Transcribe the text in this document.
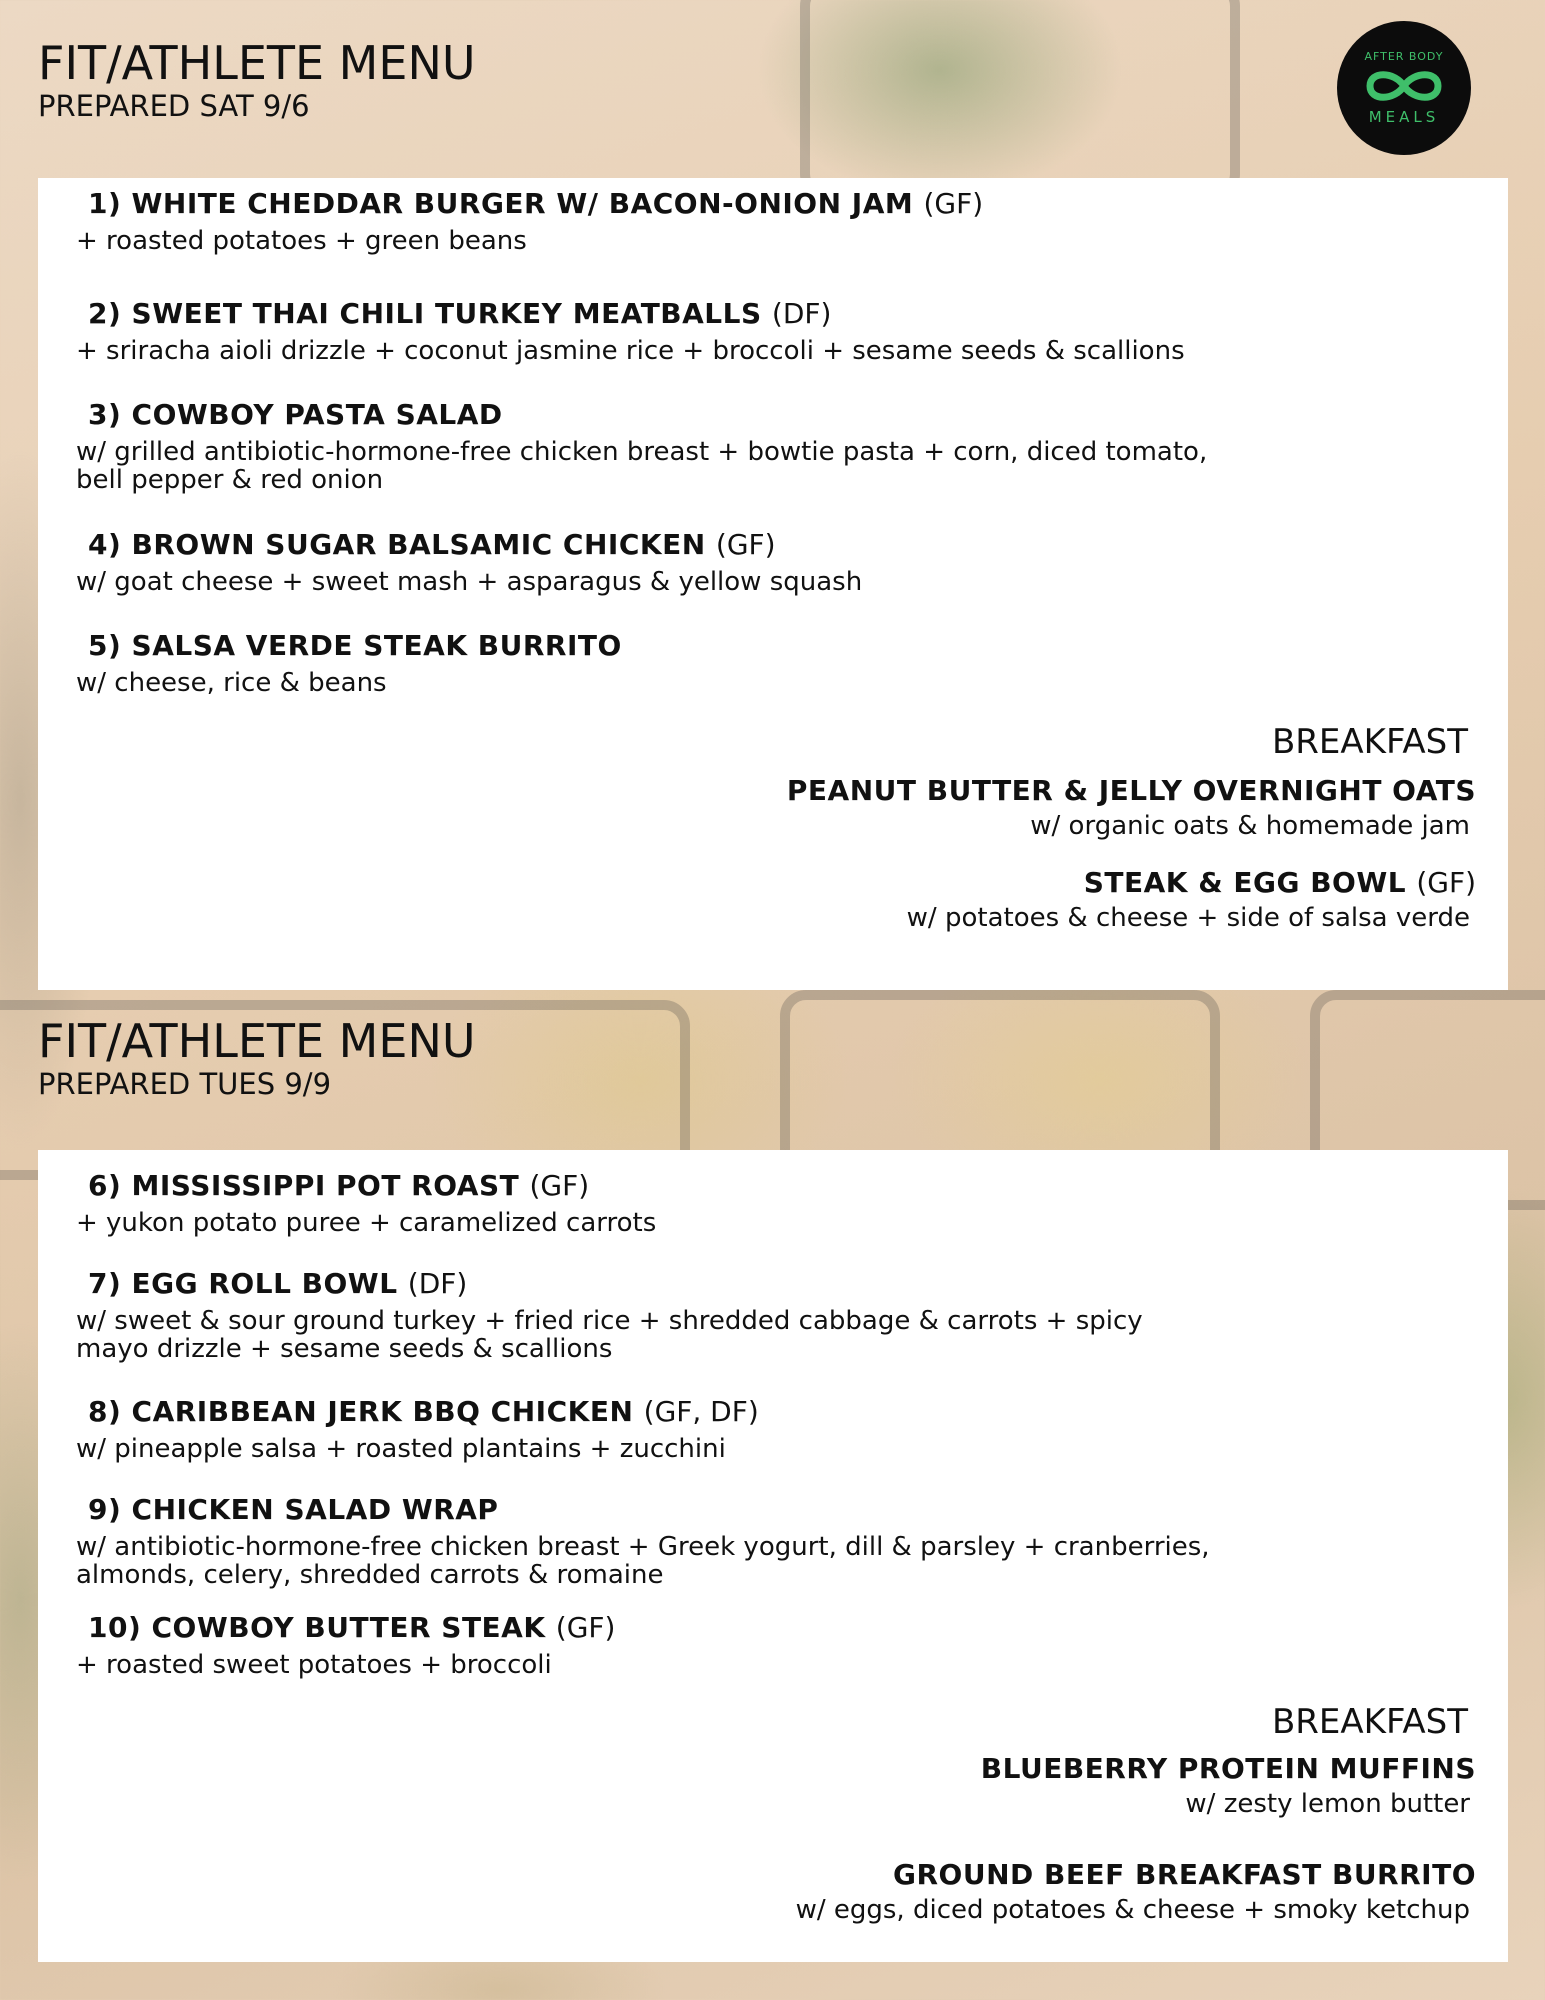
AFTER BODY
MEALS
FIT/ATHLETE MENU
PREPARED SAT 9/6
1) WHITE CHEDDAR BURGER W/ BACON-ONION JAM (GF)
+ roasted potatoes + green beans
2) SWEET THAI CHILI TURKEY MEATBALLS (DF)
+ sriracha aioli drizzle + coconut jasmine rice + broccoli + sesame seeds & scallions
3) COWBOY PASTA SALAD
w/ grilled antibiotic-hormone-free chicken breast + bowtie pasta + corn, diced tomato,
bell pepper & red onion
4) BROWN SUGAR BALSAMIC CHICKEN (GF)
w/ goat cheese + sweet mash + asparagus & yellow squash
5) SALSA VERDE STEAK BURRITO
w/ cheese, rice & beans
BREAKFAST
PEANUT BUTTER & JELLY OVERNIGHT OATS
w/ organic oats & homemade jam
STEAK & EGG BOWL (GF)
w/ potatoes & cheese + side of salsa verde
FIT/ATHLETE MENU
PREPARED TUES 9/9
6) MISSISSIPPI POT ROAST (GF)
+ yukon potato puree + caramelized carrots
7) EGG ROLL BOWL (DF)
w/ sweet & sour ground turkey + fried rice + shredded cabbage & carrots + spicy
mayo drizzle + sesame seeds & scallions
8) CARIBBEAN JERK BBQ CHICKEN (GF, DF)
w/ pineapple salsa + roasted plantains + zucchini
9) CHICKEN SALAD WRAP
w/ antibiotic-hormone-free chicken breast + Greek yogurt, dill & parsley + cranberries,
almonds, celery, shredded carrots & romaine
10) COWBOY BUTTER STEAK (GF)
+ roasted sweet potatoes + broccoli
BREAKFAST
BLUEBERRY PROTEIN MUFFINS
w/ zesty lemon butter
GROUND BEEF BREAKFAST BURRITO
w/ eggs, diced potatoes & cheese + smoky ketchup
